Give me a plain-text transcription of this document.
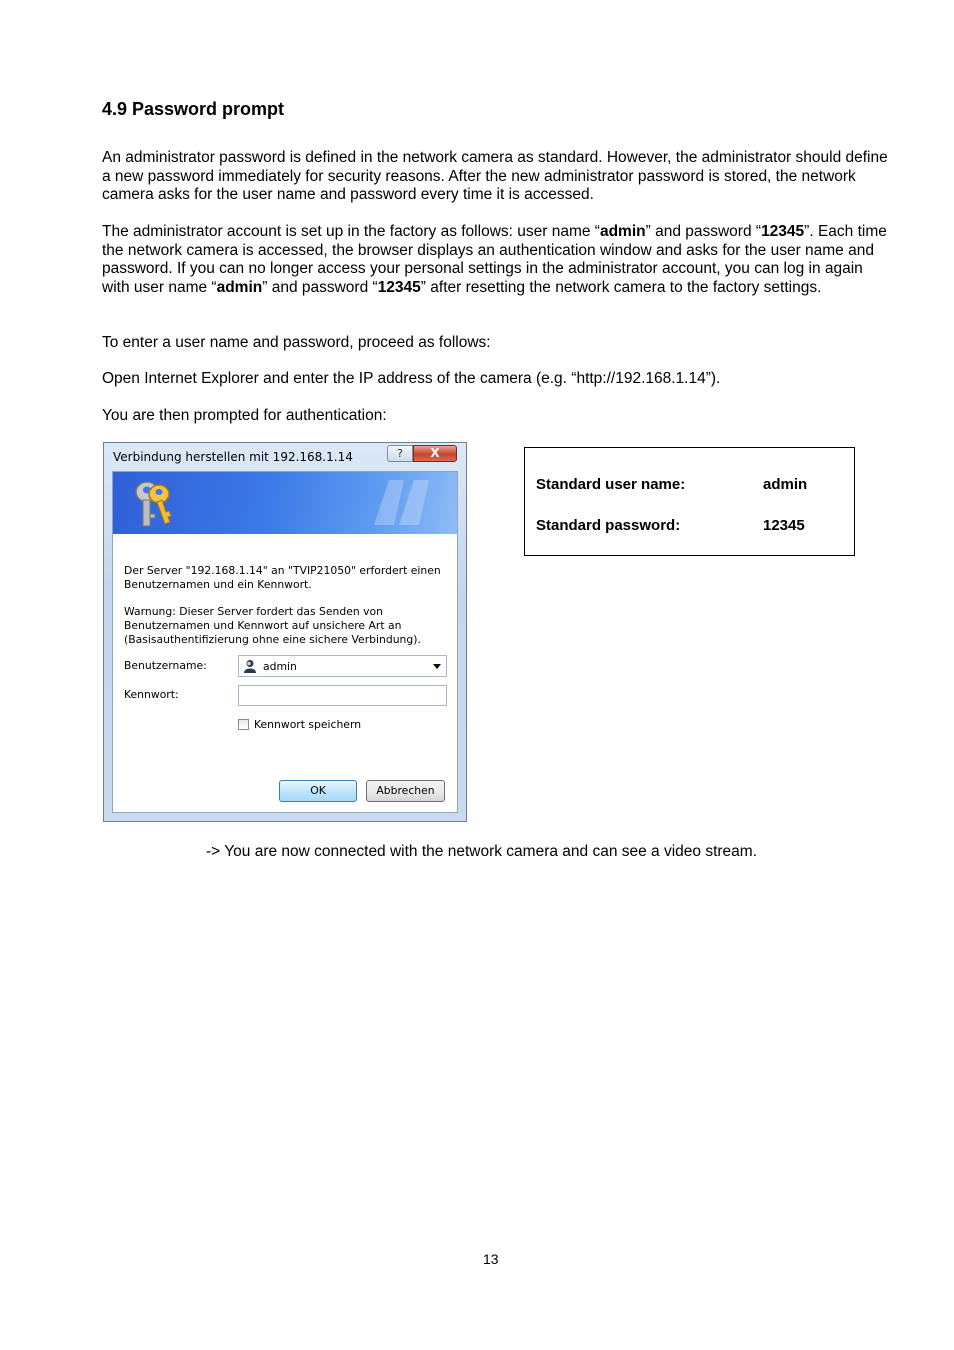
4.9 Password prompt

An administrator password is defined in the network camera as standard. However, the administrator should define a new password immediately for security reasons. After the new administrator password is stored, the network camera asks for the user name and password every time it is accessed.

The administrator account is set up in the factory as follows: user name “admin” and password “12345”. Each time the network camera is accessed, the browser displays an authentication window and asks for the user name and password. If you can no longer access your personal settings in the administrator account, you can log in again with user name “admin” and password “12345” after resetting the network camera to the factory settings.

To enter a user name and password, proceed as follows:

Open Internet Explorer and enter the IP address of the camera (e.g. “http://192.168.1.14”).

You are then prompted for authentication:

Verbindung herstellen mit 192.168.1.14	?	X
Der Server "192.168.1.14" an "TVIP21050" erfordert einen
Benutzernamen und ein Kennwort.
Warnung: Dieser Server fordert das Senden von
Benutzernamen und Kennwort auf unsichere Art an
(Basisauthentifizierung ohne eine sichere Verbindung).
Benutzername:	admin
Kennwort:
Kennwort speichern
OK	Abbrechen
Standard user name:	admin
Standard password:	12345

-> You are now connected with the network camera and can see a video stream.

13
